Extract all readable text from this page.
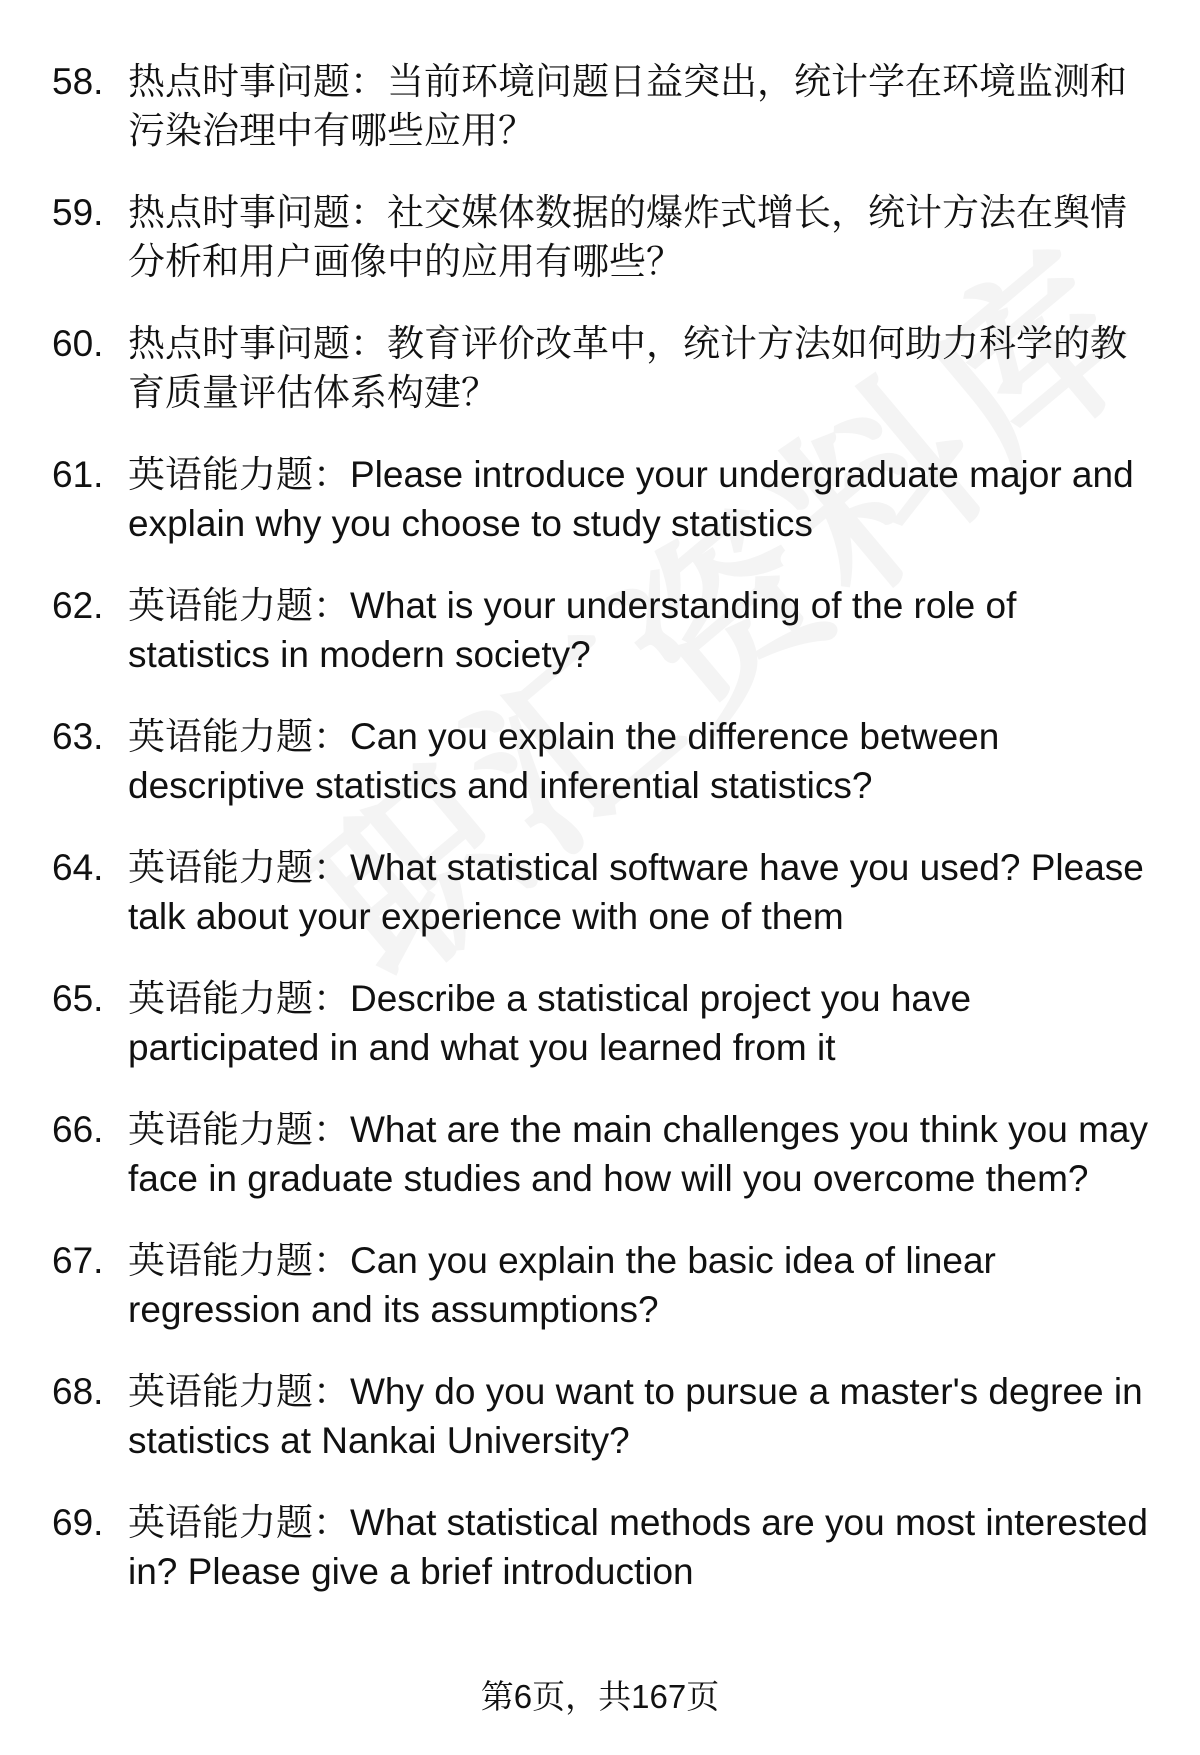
58. 热点时事问题：当前环境问题日益突出，统计学在环境监测和污染治理中有哪些应用？
59. 热点时事问题：社交媒体数据的爆炸式增长，统计方法在舆情分析和用户画像中的应用有哪些？
60. 热点时事问题：教育评价改革中，统计方法如何助力科学的教育质量评估体系构建？
61. 英语能力题：Please introduce your undergraduate major and explain why you choose to study statistics
62. 英语能力题：What is your understanding of the role of statistics in modern society?
63. 英语能力题：Can you explain the difference between descriptive statistics and inferential statistics?
64. 英语能力题：What statistical software have you used? Please talk about your experience with one of them
65. 英语能力题：Describe a statistical project you have participated in and what you learned from it
66. 英语能力题：What are the main challenges you think you may face in graduate studies and how will you overcome them?
67. 英语能力题：Can you explain the basic idea of linear regression and its assumptions?
68. 英语能力题：Why do you want to pursue a master's degree in statistics at Nankai University?
69. 英语能力题：What statistical methods are you most interested in? Please give a brief introduction
第6页，共167页
